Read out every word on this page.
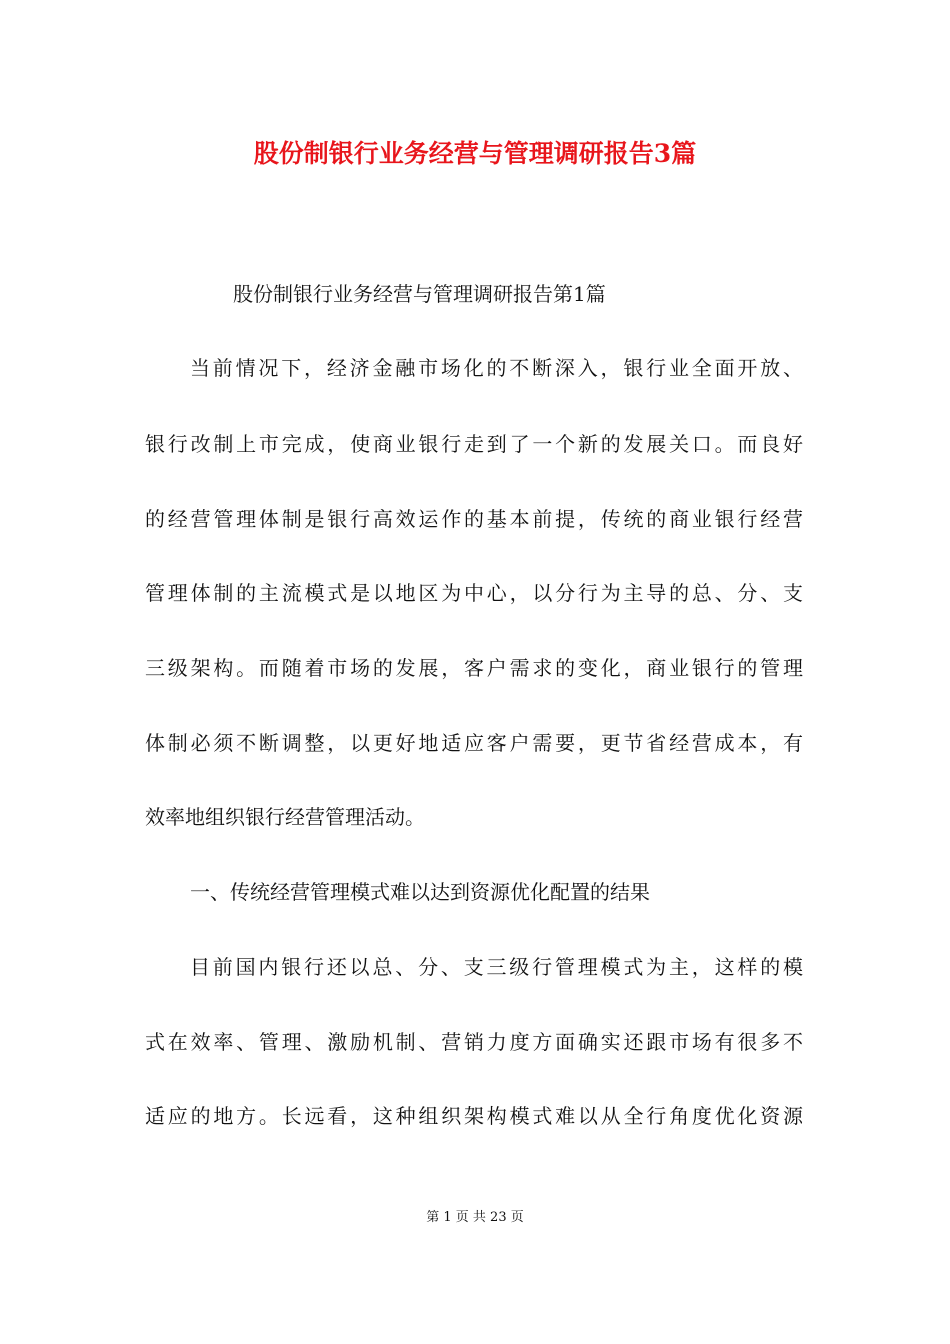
股份制银行业务经营与管理调研报告3篇
股份制银行业务经营与管理调研报告第1篇
当前情况下，经济金融市场化的不断深入，银行业全面开放、
银行改制上市完成，使商业银行走到了一个新的发展关口。而良好
的经营管理体制是银行高效运作的基本前提，传统的商业银行经营
管理体制的主流模式是以地区为中心，以分行为主导的总、分、支
三级架构。而随着市场的发展，客户需求的变化，商业银行的管理
体制必须不断调整，以更好地适应客户需要，更节省经营成本，有
效率地组织银行经营管理活动。
一、传统经营管理模式难以达到资源优化配置的结果
目前国内银行还以总、分、支三级行管理模式为主，这样的模
式在效率、管理、激励机制、营销力度方面确实还跟市场有很多不
适应的地方。长远看，这种组织架构模式难以从全行角度优化资源
第 1 页 共 23 页
